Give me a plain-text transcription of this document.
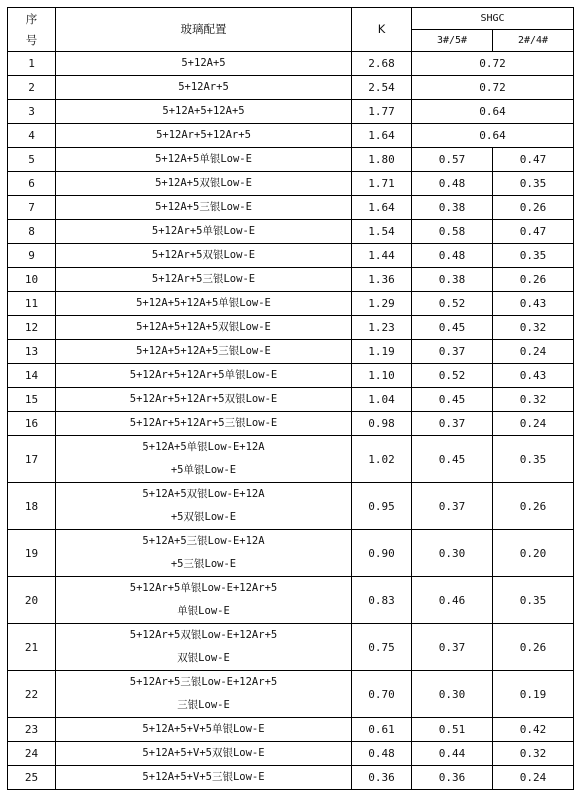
序
号	玻璃配置	K	SHGC	
			3#/5#	2#/4#
1	5+12A+5	2.68	0.72	
2	5+12Ar+5	2.54	0.72	
3	5+12A+5+12A+5	1.77	0.64	
4	5+12Ar+5+12Ar+5	1.64	0.64	
5	5+12A+5单银Low-E	1.80	0.57	0.47
6	5+12A+5双银Low-E	1.71	0.48	0.35
7	5+12A+5三银Low-E	1.64	0.38	0.26
8	5+12Ar+5单银Low-E	1.54	0.58	0.47
9	5+12Ar+5双银Low-E	1.44	0.48	0.35
10	5+12Ar+5三银Low-E	1.36	0.38	0.26
11	5+12A+5+12A+5单银Low-E	1.29	0.52	0.43
12	5+12A+5+12A+5双银Low-E	1.23	0.45	0.32
13	5+12A+5+12A+5三银Low-E	1.19	0.37	0.24
14	5+12Ar+5+12Ar+5单银Low-E	1.10	0.52	0.43
15	5+12Ar+5+12Ar+5双银Low-E	1.04	0.45	0.32
16	5+12Ar+5+12Ar+5三银Low-E	0.98	0.37	0.24
17	5+12A+5单银Low-E+12A
+5单银Low-E	1.02	0.45	0.35
18	5+12A+5双银Low-E+12A
+5双银Low-E	0.95	0.37	0.26
19	5+12A+5三银Low-E+12A
+5三银Low-E	0.90	0.30	0.20
20	5+12Ar+5单银Low-E+12Ar+5
单银Low-E	0.83	0.46	0.35
21	5+12Ar+5双银Low-E+12Ar+5
双银Low-E	0.75	0.37	0.26
22	5+12Ar+5三银Low-E+12Ar+5
三银Low-E	0.70	0.30	0.19
23	5+12A+5+V+5单银Low-E	0.61	0.51	0.42
24	5+12A+5+V+5双银Low-E	0.48	0.44	0.32
25	5+12A+5+V+5三银Low-E	0.36	0.36	0.24
